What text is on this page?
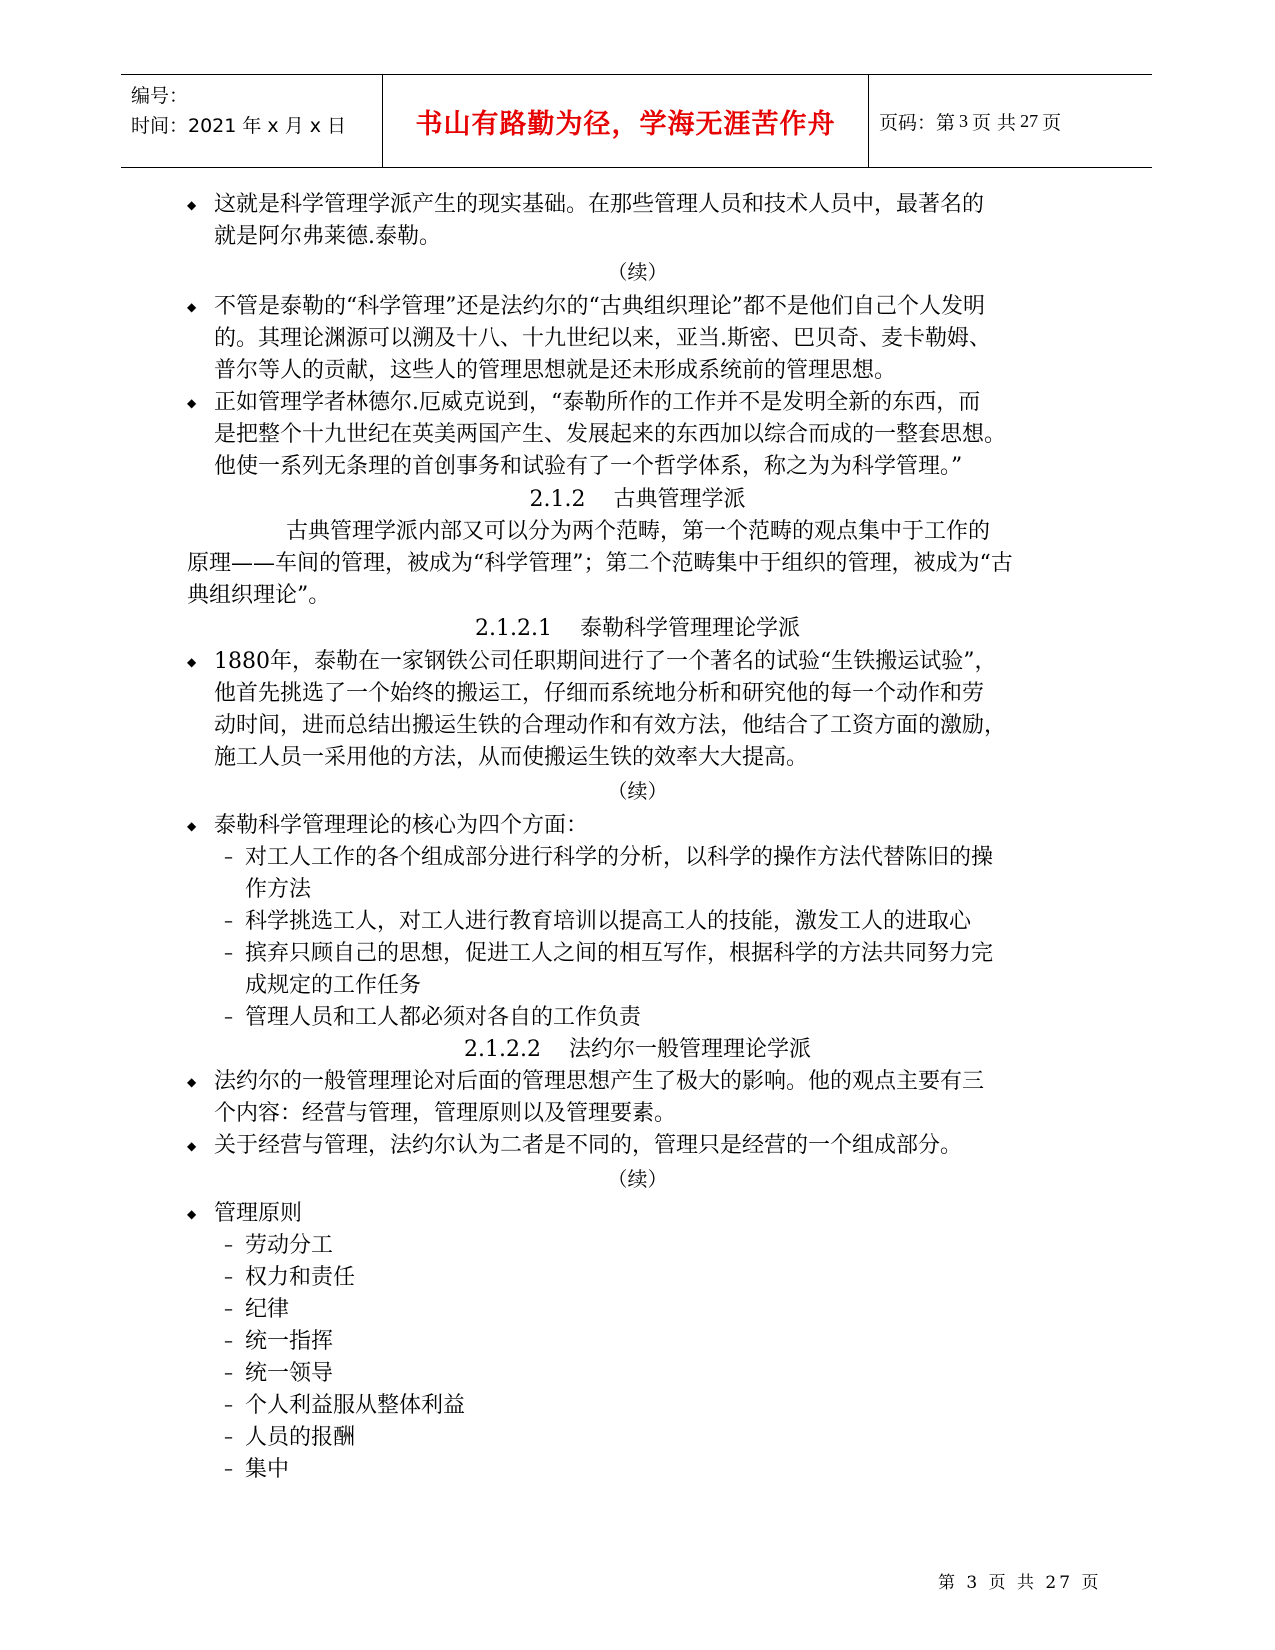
编号：
时间：2021 年 x 月 x 日	书山有路勤为径，学海无涯苦作舟	页码：第 3 页 共 27 页
◆ 这就是科学管理学派产生的现实基础。在那些管理人员和技术人员中，最著名的
就是阿尔弗莱德.泰勒。
（续）
◆ 不管是泰勒的“科学管理”还是法约尔的“古典组织理论”都不是他们自己个人发明
的。其理论渊源可以溯及十八、十九世纪以来，亚当.斯密、巴贝奇、麦卡勒姆、
普尔等人的贡献，这些人的管理思想就是还未形成系统前的管理思想。
◆ 正如管理学者林德尔.厄威克说到，“泰勒所作的工作并不是发明全新的东西，而
是把整个十九世纪在英美两国产生、发展起来的东西加以综合而成的一整套思想。
他使一系列无条理的首创事务和试验有了一个哲学体系，称之为为科学管理。”
2.1.2    古典管理学派
古典管理学派内部又可以分为两个范畴，第一个范畴的观点集中于工作的
原理——车间的管理，被成为“科学管理”；第二个范畴集中于组织的管理，被成为“古
典组织理论”。
2.1.2.1    泰勒科学管理理论学派
◆ 1880年，泰勒在一家钢铁公司任职期间进行了一个著名的试验“生铁搬运试验”，
他首先挑选了一个始终的搬运工，仔细而系统地分析和研究他的每一个动作和劳
动时间，进而总结出搬运生铁的合理动作和有效方法，他结合了工资方面的激励，
施工人员一采用他的方法，从而使搬运生铁的效率大大提高。
（续）
◆ 泰勒科学管理理论的核心为四个方面：
– 对工人工作的各个组成部分进行科学的分析，以科学的操作方法代替陈旧的操
作方法
– 科学挑选工人，对工人进行教育培训以提高工人的技能，激发工人的进取心
– 摈弃只顾自己的思想，促进工人之间的相互写作，根据科学的方法共同努力完
成规定的工作任务
– 管理人员和工人都必须对各自的工作负责
2.1.2.2    法约尔一般管理理论学派
◆ 法约尔的一般管理理论对后面的管理思想产生了极大的影响。他的观点主要有三
个内容：经营与管理，管理原则以及管理要素。
◆ 关于经营与管理，法约尔认为二者是不同的，管理只是经营的一个组成部分。
（续）
◆ 管理原则
– 劳动分工
– 权力和责任
– 纪律
– 统一指挥
– 统一领导
– 个人利益服从整体利益
– 人员的报酬
– 集中
第 3 页 共 27 页
